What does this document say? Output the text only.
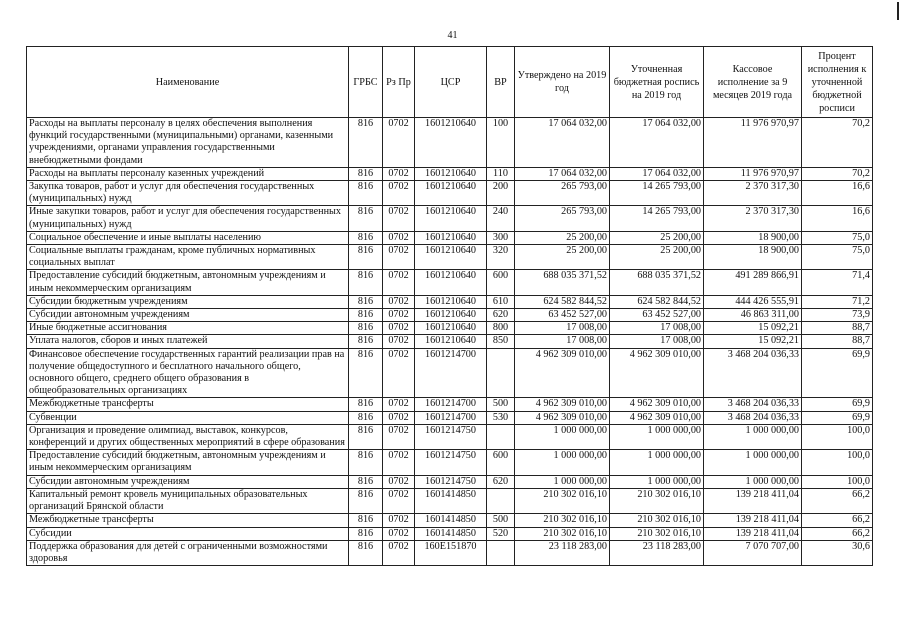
41
Наименование	ГРБС	Рз Пр	ЦСР	ВР	Утверждено на 2019 год	Уточненная бюджетная роспись на 2019 год	Кассовое исполнение за 9 месяцев 2019 года	Процент исполнения к уточненной бюджетной росписи
Расходы на выплаты персоналу в целях обеспечения выполнения функций государственными (муниципальными) органами, казенными учреждениями, органами управления государственными внебюджетными фондами	816	0702	1601210640	100	17 064 032,00	17 064 032,00	11 976 970,97	70,2
Расходы на выплаты персоналу казенных учреждений	816	0702	1601210640	110	17 064 032,00	17 064 032,00	11 976 970,97	70,2
Закупка товаров, работ и услуг для обеспечения государственных (муниципальных) нужд	816	0702	1601210640	200	265 793,00	14 265 793,00	2 370 317,30	16,6
Иные закупки товаров, работ и услуг для обеспечения государственных (муниципальных) нужд	816	0702	1601210640	240	265 793,00	14 265 793,00	2 370 317,30	16,6
Социальное обеспечение и иные выплаты населению	816	0702	1601210640	300	25 200,00	25 200,00	18 900,00	75,0
Социальные выплаты гражданам, кроме публичных нормативных социальных выплат	816	0702	1601210640	320	25 200,00	25 200,00	18 900,00	75,0
Предоставление субсидий бюджетным, автономным учреждениям и иным некоммерческим организациям	816	0702	1601210640	600	688 035 371,52	688 035 371,52	491 289 866,91	71,4
Субсидии бюджетным учреждениям	816	0702	1601210640	610	624 582 844,52	624 582 844,52	444 426 555,91	71,2
Субсидии автономным учреждениям	816	0702	1601210640	620	63 452 527,00	63 452 527,00	46 863 311,00	73,9
Иные бюджетные ассигнования	816	0702	1601210640	800	17 008,00	17 008,00	15 092,21	88,7
Уплата налогов, сборов и иных платежей	816	0702	1601210640	850	17 008,00	17 008,00	15 092,21	88,7
Финансовое обеспечение государственных гарантий реализации прав на получение общедоступного и бесплатного начального общего, основного общего, среднего общего образования в общеобразовательных организациях	816	0702	1601214700		4 962 309 010,00	4 962 309 010,00	3 468 204 036,33	69,9
Межбюджетные трансферты	816	0702	1601214700	500	4 962 309 010,00	4 962 309 010,00	3 468 204 036,33	69,9
Субвенции	816	0702	1601214700	530	4 962 309 010,00	4 962 309 010,00	3 468 204 036,33	69,9
Организация и проведение олимпиад, выставок, конкурсов, конференций и других общественных мероприятий в сфере образования	816	0702	1601214750		1 000 000,00	1 000 000,00	1 000 000,00	100,0
Предоставление субсидий бюджетным, автономным учреждениям и иным некоммерческим организациям	816	0702	1601214750	600	1 000 000,00	1 000 000,00	1 000 000,00	100,0
Субсидии автономным учреждениям	816	0702	1601214750	620	1 000 000,00	1 000 000,00	1 000 000,00	100,0
Капитальный ремонт кровель муниципальных образовательных организаций Брянской области	816	0702	1601414850		210 302 016,10	210 302 016,10	139 218 411,04	66,2
Межбюджетные трансферты	816	0702	1601414850	500	210 302 016,10	210 302 016,10	139 218 411,04	66,2
Субсидии	816	0702	1601414850	520	210 302 016,10	210 302 016,10	139 218 411,04	66,2
Поддержка образования для детей с ограниченными возможностями здоровья	816	0702	160E151870		23 118 283,00	23 118 283,00	7 070 707,00	30,6
